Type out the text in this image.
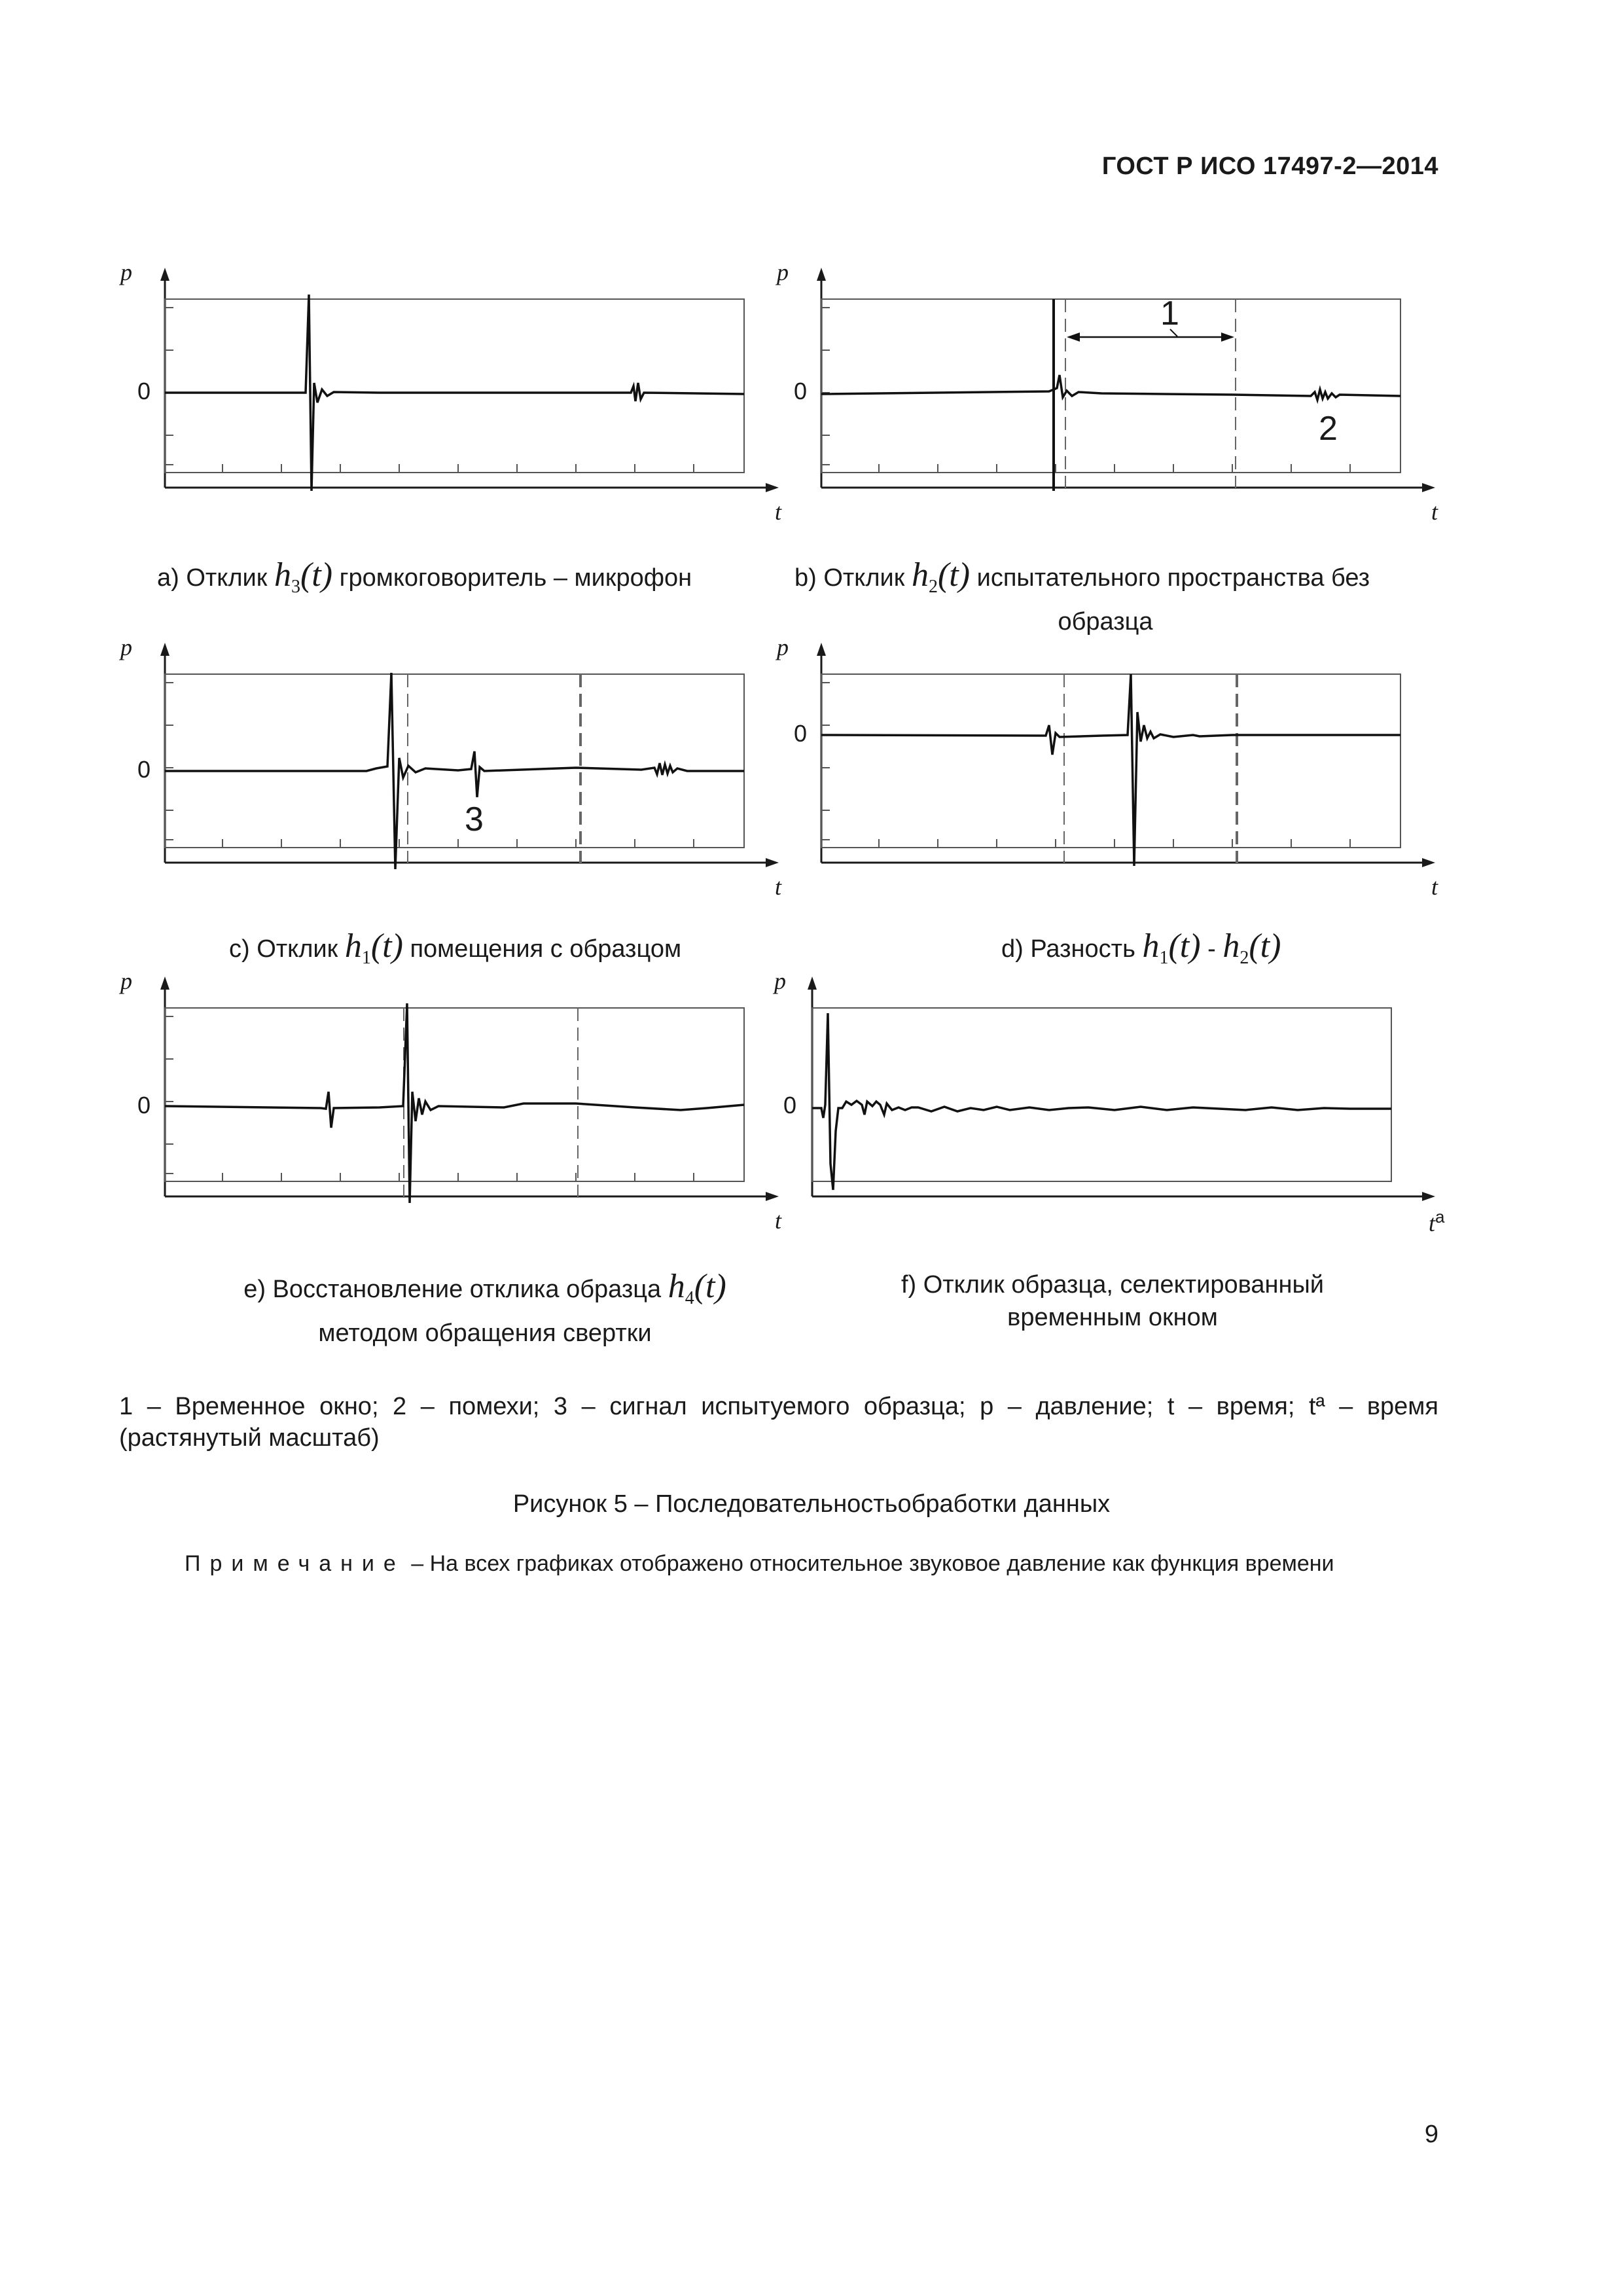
ГОСТ Р ИСО 17497-2—2014
p
0
t
p
0
t
1
2
a) Отклик $h_3(t)$ громкоговоритель – микрофон	b) Отклик $h_2(t)$ испытательного пространства без
образца
p
0
t
3
p
0
t
c) Отклик $h_1(t)$ помещения с образцом	d) Разность $h_1(t) - h_2(t)$
p
0
t
p
0
$t^a$
e) Восстановление отклика образца $h_4(t)$
методом обращения свертки
f) Отклик образца, селектированный
временным окном
1 – Временное окно; 2 – помехи; 3 – сигнал испытуемого образца; p – давление; t – время; tª – время (растянутый масштаб)
Рисунок 5 – Последовательностьобработки данных
Примечание – На всех графиках отображено относительное звуковое давление как функция времени
9
